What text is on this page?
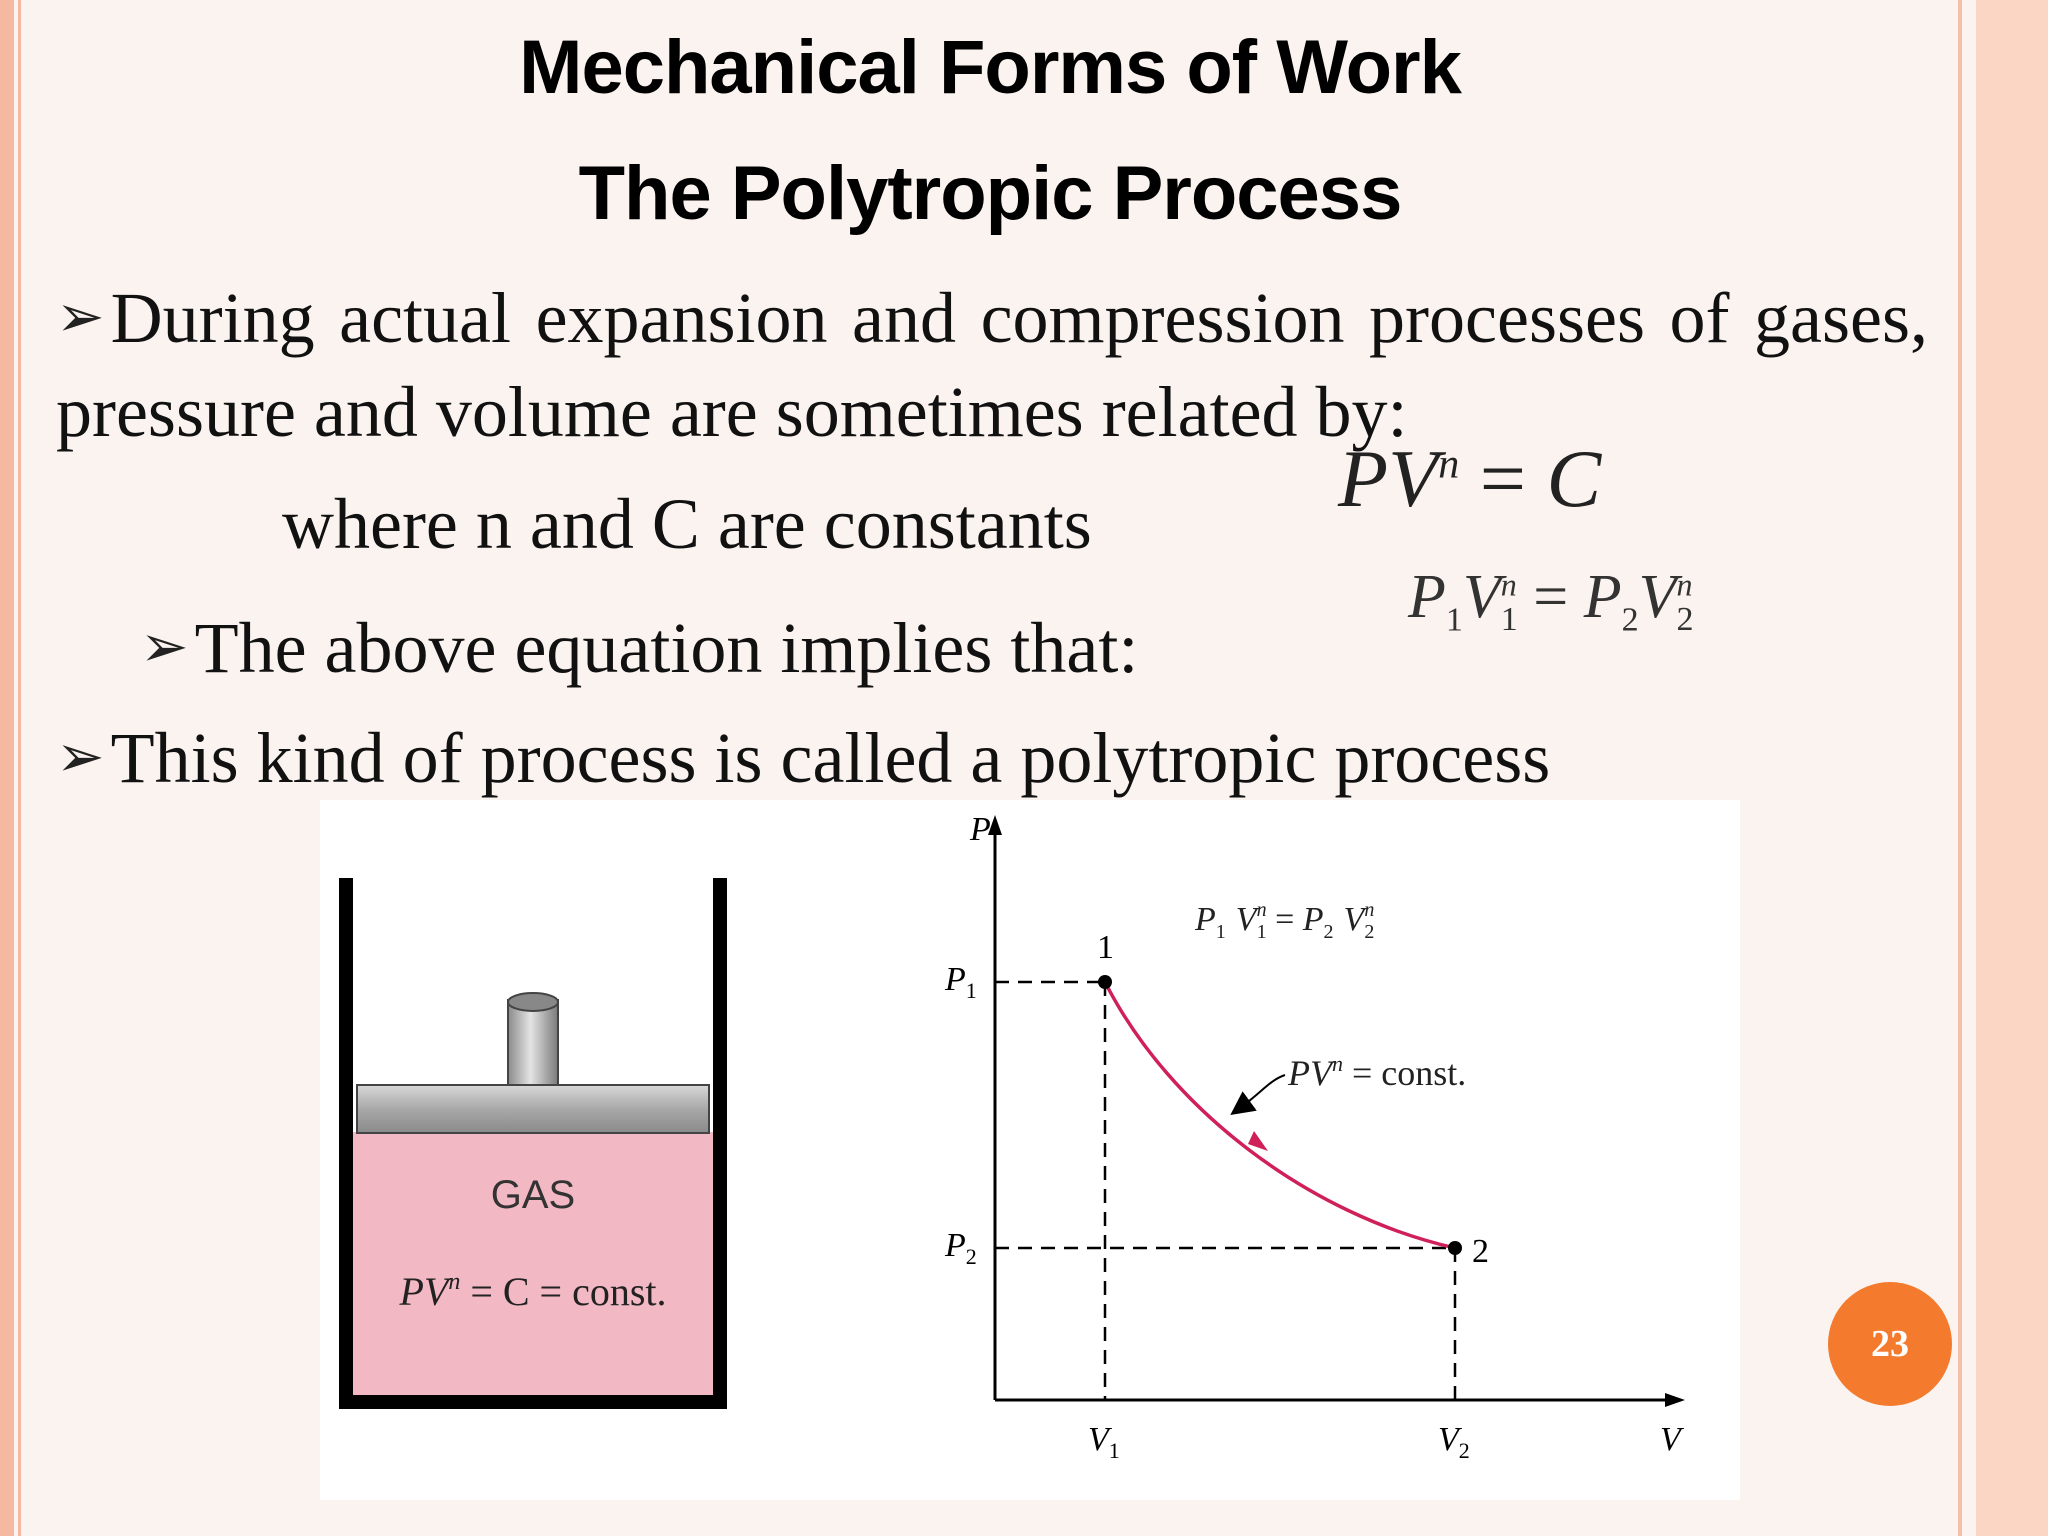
Mechanical Forms of Work
The Polytropic Process

➢During actual expansion and compression processes of gases, pressure and volume are sometimes related by:

$PV^n = C$
where n and C are constants
$P_1V^n_1 = P_2V^n_2$

➢The above equation implies that:

➢This kind of process is called a polytropic process

GAS
$PV^n = C$ = const.
P
V
1
2
$P_1$
$P_2$
$V_1$	$V_2$
$P_1$ $V^n$ $1 = P_2$ $V^n$ 2
$PV^n$ = const.
23
